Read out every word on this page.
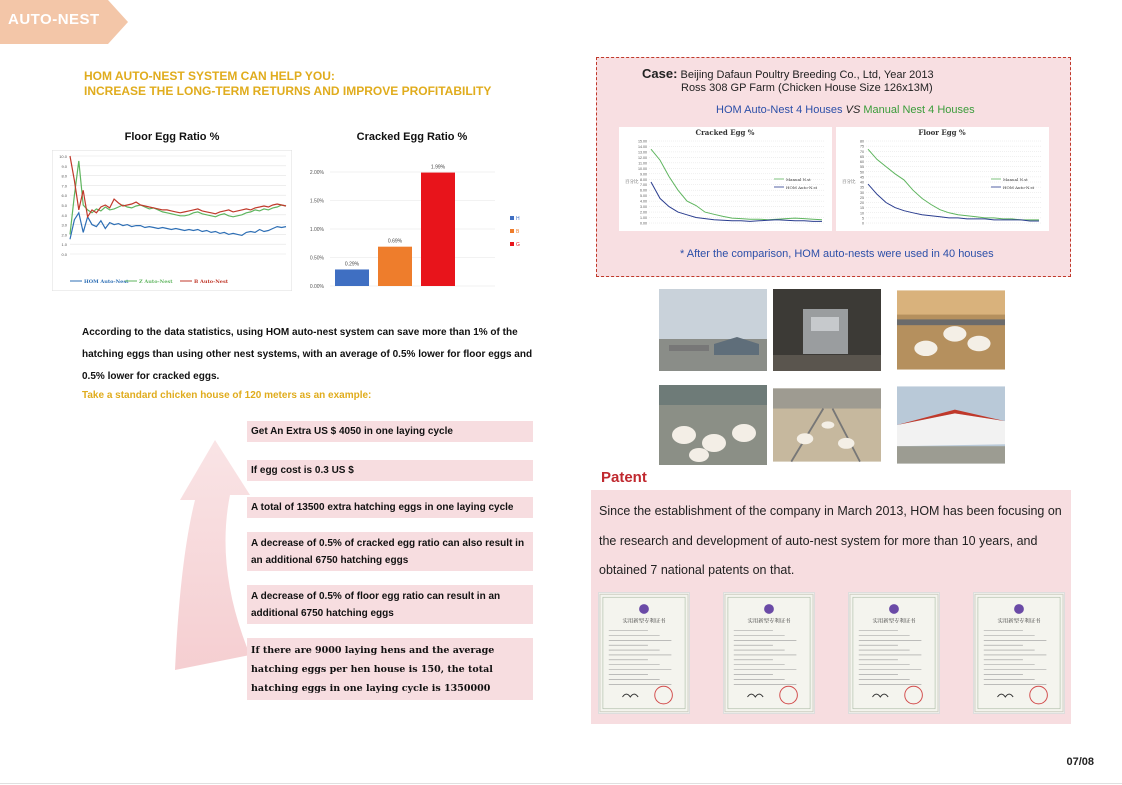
AUTO-NEST
HOM AUTO-NEST SYSTEM CAN HELP YOU:
INCREASE THE LONG-TERM RETURNS AND IMPROVE PROFITABILITY
Floor Egg Ratio %
10.0
9.0
8.0
7.0
6.0
5.0
4.0
3.0
2.0
1.0
0.0
HOM Auto-Nest Z Auto-Nest	B Auto-Nest
Cracked Egg Ratio %
2.00%
1.50%
1.00%
0.50%
0.00%
0.29%
H
0.69%
B
1.99%
G
According to the data statistics, using HOM auto-nest system can save more than 1% of the hatching eggs than using other nest systems, with an average of 0.5% lower for floor eggs and 0.5% lower for cracked eggs.
Take a standard chicken house of 120 meters as an example:
Get An Extra US $ 4050 in one laying cycle
If egg cost is 0.3 US $
A total of 13500 extra hatching eggs in one laying cycle
A decrease of 0.5% of cracked egg ratio can also result in an additional 6750 hatching eggs
A decrease of 0.5% of floor egg ratio can result in an additional 6750 hatching eggs
If there are 9000 laying hens and the average hatching eggs per hen house is 150, the total hatching eggs in one laying cycle is 1350000
Case: Beijing Dafaun Poultry Breeding Co., Ltd, Year 2013
Ross 308 GP Farm (Chicken House Size 126x13M)
HOM Auto-Nest 4 Houses VS Manual Nest 4 Houses
Cracked Egg %
百分比
15.00
14.00
13.00
12.00
11.00
10.00
9.00
8.00
7.00
6.00
5.00
4.00
3.00
2.00
1.00
0.00
Manual N.st
HOM Auto-N.st
Floor Egg %
百分比
80
75
70
65
60
55
50
45
40
35
30
25
20
15
10
5
0
Manual N.st
HOM Auto-N.st
* After the comparison, HOM auto-nests were used in 40 houses
Patent
Since the establishment of the company in March 2013, HOM has been focusing on the research and development of auto-nest system for more than 10 years, and obtained 7 national patents on that.
实用新型专利证书	实用新型专利证书	实用新型专利证书	实用新型专利证书
07/08
